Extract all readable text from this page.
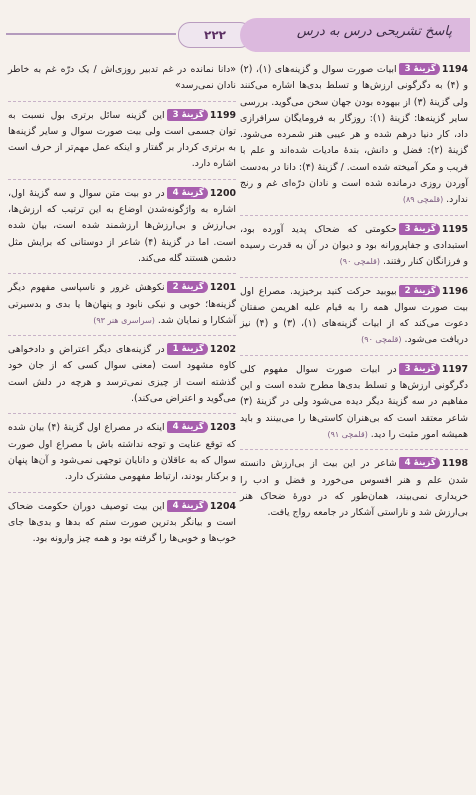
۲۲۲	پاسخ تشریحی درس به درس
1194گزینهٔ 3ابیات صورت سوال و گزینه‌های (۱)، (۲) و (۴) به دگرگونی ارزش‌ها و تسلط بدی‌ها اشاره می‌کنند ولی گزینهٔ (۳) از بیهوده بودن جهان سخن می‌گوید. بررسی سایر گزینه‌ها: گزینهٔ (۱): روزگار به فرومایگان سرافرازی داد، کار دنیا درهم شده و هر عیبی هنر شمرده می‌شود. گزینهٔ (۲): فضل و دانش، بندهٔ مادیات شده‌اند و علم با فریب و مکر آمیخته شده است. / گزینهٔ (۴): دانا در به‌دست آوردن روزی درمانده شده است و نادان درّه‌ای غم و رنج ندارد. (قلمچی ۸۹)
1195گزینهٔ 3حکومتی که ضحاک پدید آورده بود، استبدادی و جفاپرورانه بود و دیوان در آن به قدرت رسیده و فرزانگان کنار رفتند. (قلمچی ۹۰)
1196گزینهٔ 2بیوبید حرکت کنید برخیزید. مصراع اول بیت صورت سوال همه را به قیام علیه اهریمن صفتان دعوت می‌کند که از ابیات گزینه‌های (۱)، (۳) و (۴) نیز دریافت می‌شود. (قلمچی ۹۰)
1197گزینهٔ 3در ابیات صورت سوال مفهوم کلی دگرگونی ارزش‌ها و تسلط بدی‌ها مطرح شده است و این مفاهیم در سه گزینهٔ دیگر دیده می‌شود ولی در گزینهٔ (۳) شاعر معتقد است که بی‌هنران کاستی‌ها را می‌بینند و باید همیشه امور مثبت را دید. (قلمچی ۹۱)
1198گزینهٔ 4شاعر در این بیت از بی‌ارزش دانسته شدن علم و هنر افسوس می‌خورد و فضل و ادب را خریداری نمی‌بیند، همان‌طور که در دورهٔ ضحاک هنر بی‌ارزش شد و ناراستی آشکار در جامعه رواج یافت.
«دانا نمانده در غم تدبیر روزی‌اش / یک درّه غم به خاطر نادان نمی‌رسد»
1199گزینهٔ 3این گزینه سائل برتری بول نسبت به توان جسمی است ولی بیت صورت سوال و سایر گزینه‌ها به برتری کردار بر گفتار و اینکه عمل مهم‌تر از حرف است اشاره دارد.
1200گزینهٔ 4در دو بیت متن سوال و سه گزینهٔ اول، اشاره به واژگونه‌شدن اوضاع به این ترتیب که ارزش‌ها، بی‌ارزش و بی‌ارزش‌ها ارزشمند شده است، بیان شده است. اما در گزینهٔ (۴) شاعر از دوستانی که برایش مثل دشمن هستند گله می‌کند.
1201گزینهٔ 2نکوهش غرور و ناسپاسی مفهوم دیگر گزینه‌ها؛ خوبی و نیکی نابود و پنهان‌ها یا بدی و بدسیرتی آشکارا و نمایان شد. (سراسری هنر ۹۳)
1202گزینهٔ 1در گزینه‌های دیگر اعتراض و دادخواهی کاوه مشهود است (معنی سوال کسی که از جان خود گذشته است از چیزی نمی‌ترسد و هرچه در دلش است می‌گوید و اعتراض می‌کند).
1203گزینهٔ 4اینکه در مصراع اول گزینهٔ (۴) بیان شده که توقع عنایت و توجه نداشته باش با مصراع اول صورت سوال که به عاقلان و دانایان توجهی نمی‌شود و آن‌ها پنهان و برکنار بودند، ارتباط مفهومی مشترک دارد.
1204گزینهٔ 4این بیت توصیف دوران حکومت ضحاک است و بیانگر بدترین صورت ستم که بدها و بدی‌ها جای خوب‌ها و خوبی‌ها را گرفته بود و همه چیز وارونه بود.
